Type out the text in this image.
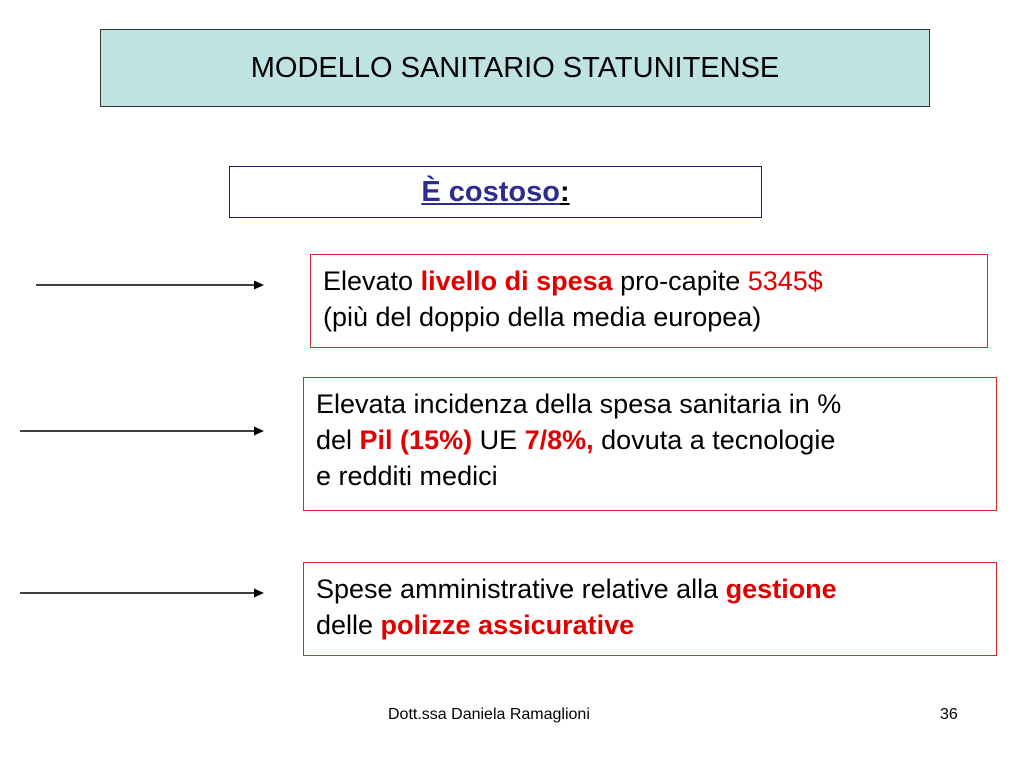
MODELLO SANITARIO STATUNITENSE
È costoso :
Elevato livello di spesa pro-capite 5345$
(più del doppio della media europea)
Elevata incidenza della spesa sanitaria in %
del Pil (15%) UE 7/8%, dovuta a tecnologie
e redditi medici
Spese amministrative relative alla gestione
delle polizze assicurative
Dott.ssa Daniela Ramaglioni	36
